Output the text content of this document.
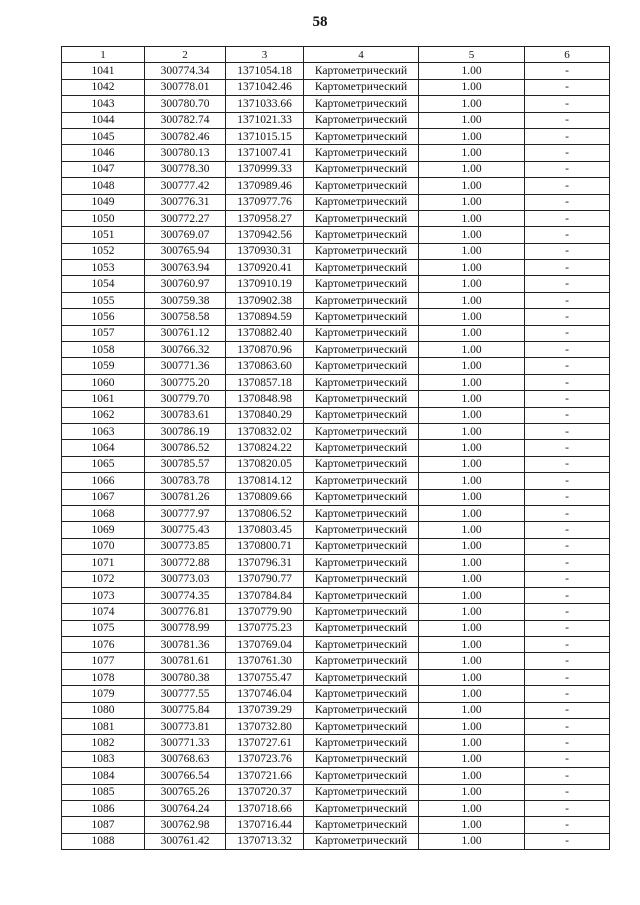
58
1	2	3	4	5	6
1041	300774.34	1371054.18	Картометрический	1.00	-
1042	300778.01	1371042.46	Картометрический	1.00	-
1043	300780.70	1371033.66	Картометрический	1.00	-
1044	300782.74	1371021.33	Картометрический	1.00	-
1045	300782.46	1371015.15	Картометрический	1.00	-
1046	300780.13	1371007.41	Картометрический	1.00	-
1047	300778.30	1370999.33	Картометрический	1.00	-
1048	300777.42	1370989.46	Картометрический	1.00	-
1049	300776.31	1370977.76	Картометрический	1.00	-
1050	300772.27	1370958.27	Картометрический	1.00	-
1051	300769.07	1370942.56	Картометрический	1.00	-
1052	300765.94	1370930.31	Картометрический	1.00	-
1053	300763.94	1370920.41	Картометрический	1.00	-
1054	300760.97	1370910.19	Картометрический	1.00	-
1055	300759.38	1370902.38	Картометрический	1.00	-
1056	300758.58	1370894.59	Картометрический	1.00	-
1057	300761.12	1370882.40	Картометрический	1.00	-
1058	300766.32	1370870.96	Картометрический	1.00	-
1059	300771.36	1370863.60	Картометрический	1.00	-
1060	300775.20	1370857.18	Картометрический	1.00	-
1061	300779.70	1370848.98	Картометрический	1.00	-
1062	300783.61	1370840.29	Картометрический	1.00	-
1063	300786.19	1370832.02	Картометрический	1.00	-
1064	300786.52	1370824.22	Картометрический	1.00	-
1065	300785.57	1370820.05	Картометрический	1.00	-
1066	300783.78	1370814.12	Картометрический	1.00	-
1067	300781.26	1370809.66	Картометрический	1.00	-
1068	300777.97	1370806.52	Картометрический	1.00	-
1069	300775.43	1370803.45	Картометрический	1.00	-
1070	300773.85	1370800.71	Картометрический	1.00	-
1071	300772.88	1370796.31	Картометрический	1.00	-
1072	300773.03	1370790.77	Картометрический	1.00	-
1073	300774.35	1370784.84	Картометрический	1.00	-
1074	300776.81	1370779.90	Картометрический	1.00	-
1075	300778.99	1370775.23	Картометрический	1.00	-
1076	300781.36	1370769.04	Картометрический	1.00	-
1077	300781.61	1370761.30	Картометрический	1.00	-
1078	300780.38	1370755.47	Картометрический	1.00	-
1079	300777.55	1370746.04	Картометрический	1.00	-
1080	300775.84	1370739.29	Картометрический	1.00	-
1081	300773.81	1370732.80	Картометрический	1.00	-
1082	300771.33	1370727.61	Картометрический	1.00	-
1083	300768.63	1370723.76	Картометрический	1.00	-
1084	300766.54	1370721.66	Картометрический	1.00	-
1085	300765.26	1370720.37	Картометрический	1.00	-
1086	300764.24	1370718.66	Картометрический	1.00	-
1087	300762.98	1370716.44	Картометрический	1.00	-
1088	300761.42	1370713.32	Картометрический	1.00	-
